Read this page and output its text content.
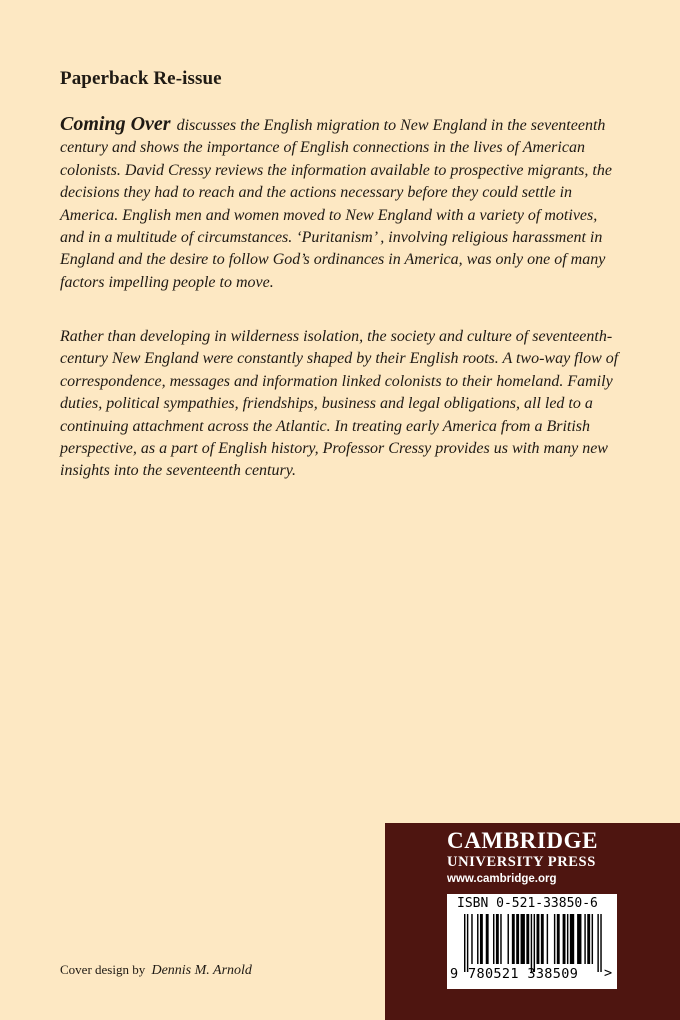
Paperback Re-issue

Coming Over discusses the English migration to New England in the seventeenth century and shows the importance of English connections in the lives of American colonists. David Cressy reviews the information available to prospective migrants, the decisions they had to reach and the actions necessary before they could settle in America. English men and women moved to New England with a variety of motives, and in a multitude of circumstances. ‘Puritanism’ , involving religious harassment in England and the desire to follow God’s ordinances in America, was only one of many factors impelling people to move.

Rather than developing in wilderness isolation, the society and culture of seventeenth-century New England were constantly shaped by their English roots. A two-way flow of correspondence, messages and information linked colonists to their homeland. Family duties, political sympathies, friendships, business and legal obligations, all led to a continuing attachment across the Atlantic. In treating early America from a British perspective, as a part of English history, Professor Cressy provides us with many new insights into the seventeenth century.

Cover design by Dennis M. Arnold
CAMBRIDGE
UNIVERSITY PRESS
www.cambridge.org
ISBN 0-521-33850-6
9 780521 338509 >
